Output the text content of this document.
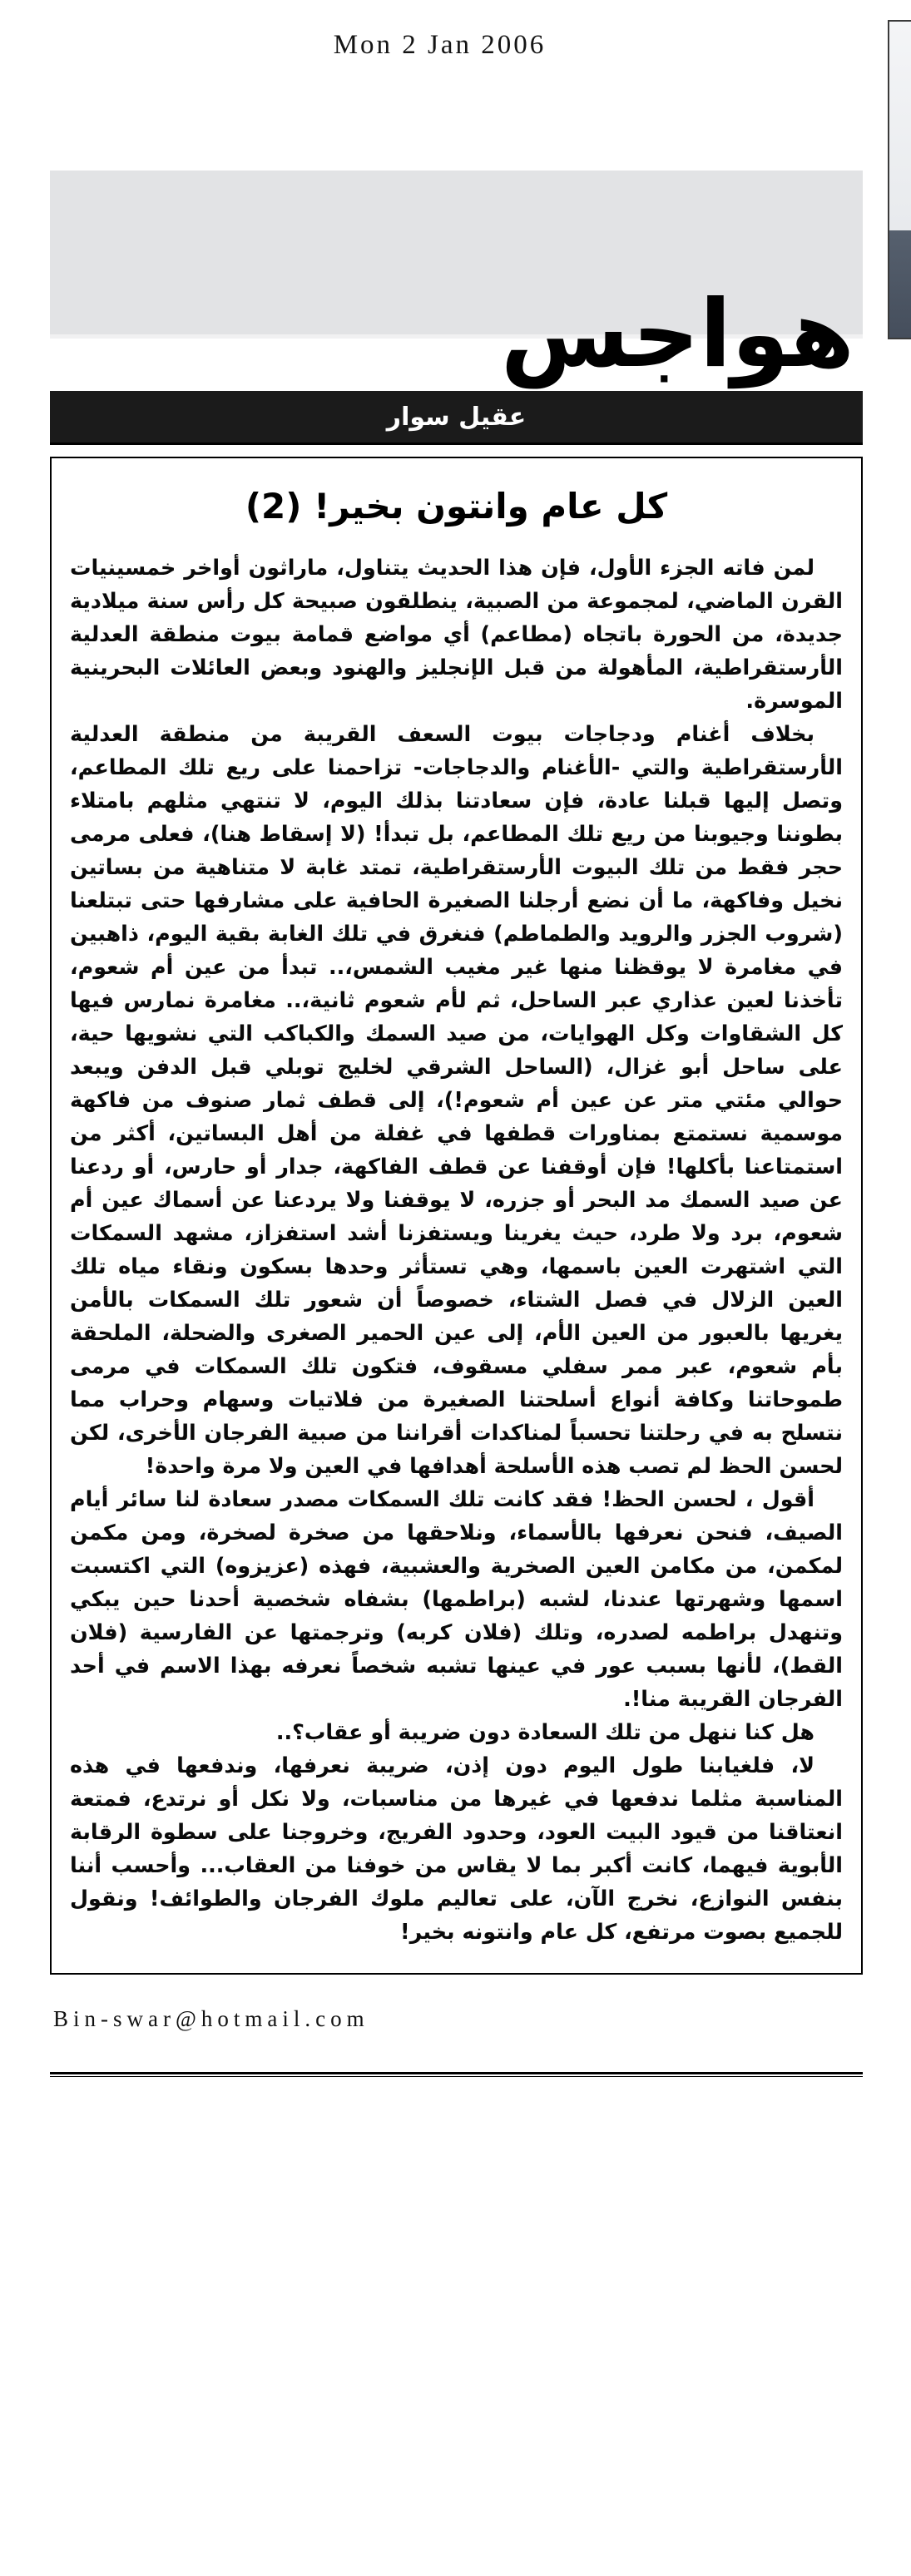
Mon 2 Jan 2006
هواجس
عقيل سوار
كل عام وانتون بخير! (2)

لمن فاته الجزء الأول، فإن هذا الحديث يتناول، ماراثون أواخر خمسينيات القرن الماضي، لمجموعة من الصبية، ينطلقون صبيحة كل رأس سنة ميلادية جديدة، من الحورة باتجاه (مطاعم) أي مواضع قمامة بيوت منطقة العدلية الأرستقراطية، المأهولة من قبل الإنجليز والهنود وبعض العائلات البحرينية الموسرة.

بخلاف أغنام ودجاجات بيوت السعف القريبة من منطقة العدلية الأرستقراطية والتي -الأغنام والدجاجات- تزاحمنا على ريع تلك المطاعم، وتصل إليها قبلنا عادة، فإن سعادتنا بذلك اليوم، لا تنتهي مثلهم بامتلاء بطوننا وجيوبنا من ريع تلك المطاعم، بل تبدأ! (لا إسقاط هنا)، فعلى مرمى حجر فقط من تلك البيوت الأرستقراطية، تمتد غابة لا متناهية من بساتين نخيل وفاكهة، ما أن نضع أرجلنا الصغيرة الحافية على مشارفها حتى تبتلعنا (شروب الجزر والرويد والطماطم) فنغرق في تلك الغابة بقية اليوم، ذاهبين في مغامرة لا يوقظنا منها غير مغيب الشمس،.. تبدأ من عين أم شعوم، تأخذنا لعين عذاري عبر الساحل، ثم لأم شعوم ثانية،.. مغامرة نمارس فيها كل الشقاوات وكل الهوايات، من صيد السمك والكباكب التي نشويها حية، على ساحل أبو غزال، (الساحل الشرقي لخليج توبلي قبل الدفن ويبعد حوالي مئتي متر عن عين أم شعوم!)، إلى قطف ثمار صنوف من فاكهة موسمية نستمتع بمناورات قطفها في غفلة من أهل البساتين، أكثر من استمتاعنا بأكلها! فإن أوقفنا عن قطف الفاكهة، جدار أو حارس، أو ردعنا عن صيد السمك مد البحر أو جزره، لا يوقفنا ولا يردعنا عن أسماك عين أم شعوم، برد ولا طرد، حيث يغرينا ويستفزنا أشد استفزاز، مشهد السمكات التي اشتهرت العين باسمها، وهي تستأثر وحدها بسكون ونقاء مياه تلك العين الزلال في فصل الشتاء، خصوصاً أن شعور تلك السمكات بالأمن يغريها بالعبور من العين الأم، إلى عين الحمير الصغرى والضحلة، الملحقة بأم شعوم، عبر ممر سفلي مسقوف، فتكون تلك السمكات في مرمى طموحاتنا وكافة أنواع أسلحتنا الصغيرة من فلاتيات وسهام وحراب مما نتسلح به في رحلتنا تحسباً لمناكدات أقراننا من صبية الفرجان الأخرى، لكن لحسن الحظ لم تصب هذه الأسلحة أهدافها في العين ولا مرة واحدة!

أقول ، لحسن الحظ! فقد كانت تلك السمكات مصدر سعادة لنا سائر أيام الصيف، فنحن نعرفها بالأسماء، ونلاحقها من صخرة لصخرة، ومن مكمن لمكمن، من مكامن العين الصخرية والعشبية، فهذه (عزيزوه) التي اكتسبت اسمها وشهرتها عندنا، لشبه (براطمها) بشفاه شخصية أحدنا حين يبكي وتنهدل براطمه لصدره، وتلك (فلان كربه) وترجمتها عن الفارسية (فلان القط)، لأنها بسبب عور في عينها تشبه شخصاً نعرفه بهذا الاسم في أحد الفرجان القريبة منا!.

هل كنا ننهل من تلك السعادة دون ضريبة أو عقاب؟..

لا، فلغيابنا طول اليوم دون إذن، ضريبة نعرفها، وندفعها في هذه المناسبة مثلما ندفعها في غيرها من مناسبات، ولا نكل أو نرتدع، فمتعة انعتاقنا من قيود البيت العود، وحدود الفريج، وخروجنا على سطوة الرقابة الأبوية فيهما، كانت أكبر بما لا يقاس من خوفنا من العقاب... وأحسب أننا بنفس النوازع، نخرج الآن، على تعاليم ملوك الفرجان والطوائف! ونقول للجميع بصوت مرتفع، كل عام وانتونه بخير!

Bin-swar@hotmail.com
